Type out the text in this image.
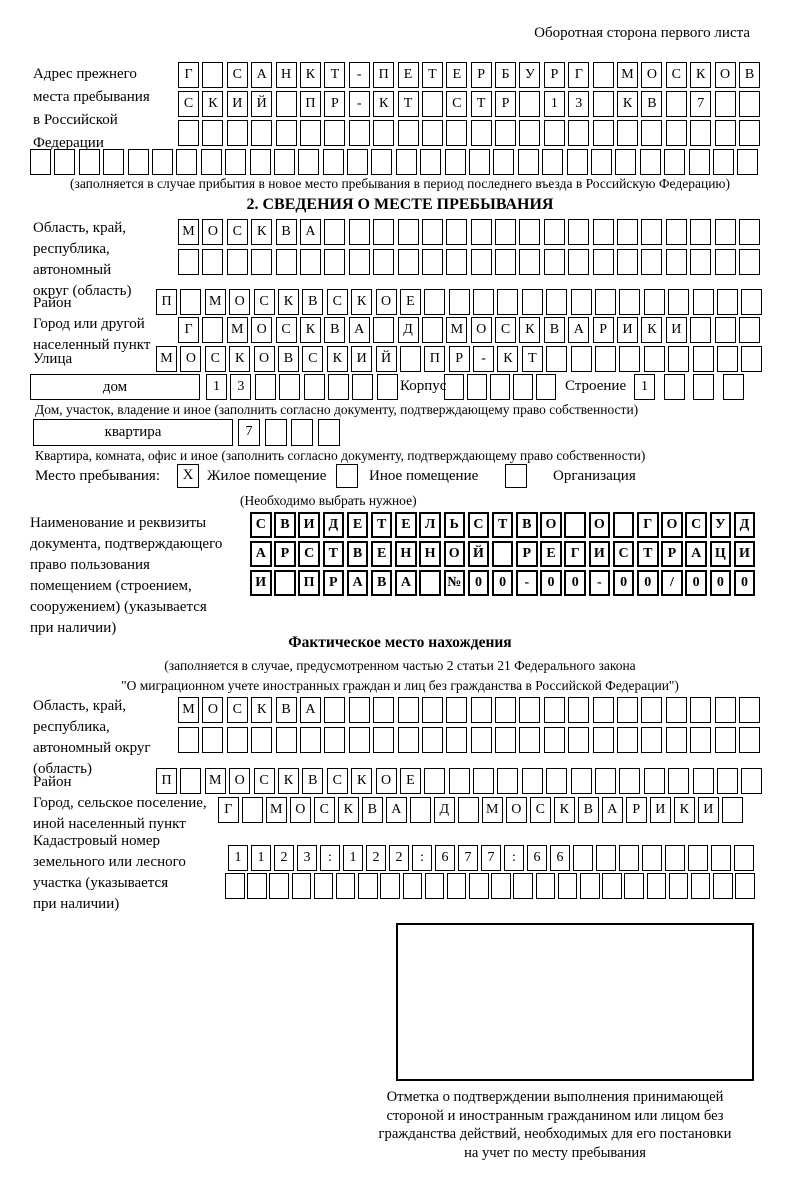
Оборотная сторона первого листа
Адрес прежнего
места пребывания
в Российской
Федерации
Г	С	А	Н	К	Т	-	П	Е	Т	Е	Р	Б	У	Р	Г	М О	С	К	О	В
С	К	И	Й	П	Р	-	К	Т	С	Т	Р	1	3	К	В	7
(заполняется в случае прибытия в новое место пребывания в период последнего въезда в Российскую Федерацию)
2. СВЕДЕНИЯ О МЕСТЕ ПРЕБЫВАНИЯ
Область, край,
республика,
автономный
округ (область)
М О	С	К	В	А
Район	П	М О	С	К	В	С	К	О	Е
Город или другой
населенный пункт
Г	М О	С	К	В	А	Д	М О	С	К	В	А	Р	И	К	И
Улица	М О	С	К	О	В	С	К	И	Й	П	Р	-	К	Т
дом	1	3	Корпус	Строение	1
Дом, участок, владение и иное (заполнить согласно документу, подтверждающему право собственности)
квартира	7
Квартира, комната, офис и иное (заполнить согласно документу, подтверждающему право собственности)
Место пребывания:	X Жилое помещение	Иное помещение	Организация
(Необходимо выбрать нужное)
Наименование и реквизиты
документа, подтверждающего
право пользования
помещением (строением,
сооружением) (указывается
при наличии)
С	В	И Д	Е	Т	Е	Л	Ь	С	Т	В	О	О	Г	О С У	Д
А	Р	С	Т	В	Е	Н Н О Й	Р	Е	Г	И С	Т	Р	А Ц И
И	П	Р	А	В	А	№ 0	0	-	0	0	-	0	0	/	0	0	0
Фактическое место нахождения
(заполняется в случае, предусмотренном частью 2 статьи 21 Федерального закона
"О миграционном учете иностранных граждан и лиц без гражданства в Российской Федерации")
Область, край,
республика,
автономный округ
(область)
М О	С	К	В	А
Район	П	М О	С	К	В	С	К	О	Е
Город, сельское поселение,
иной населенный пункт
Г	М О	С	К	В	А	Д	М О	С	К	В	А	Р	И	К	И
Кадастровый номер
земельного или лесного
участка (указывается
при наличии)
1	1	2	3	:	1	2	2	:	6	7	7	:	6	6
Отметка о подтверждении выполнения принимающей
стороной и иностранным гражданином или лицом без
гражданства действий, необходимых для его постановки
на учет по месту пребывания
